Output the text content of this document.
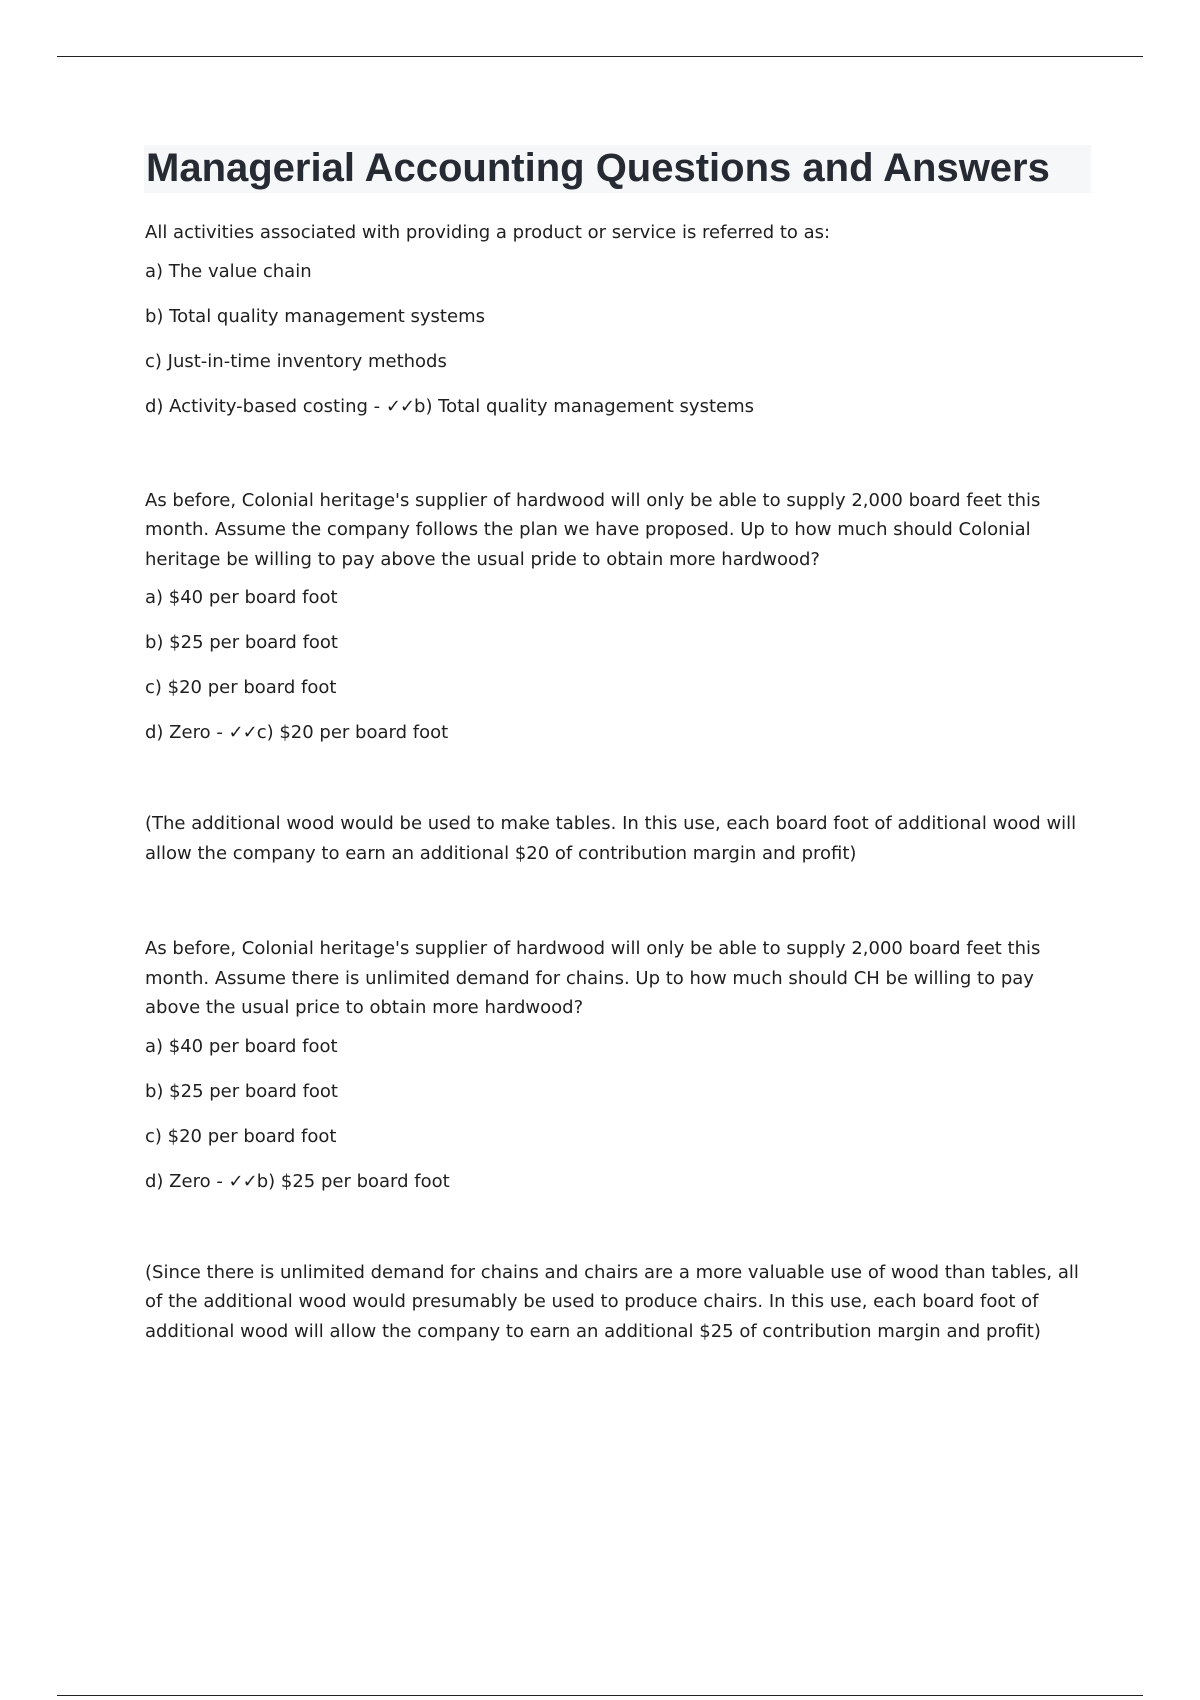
Managerial Accounting Questions and Answers

All activities associated with providing a product or service is referred to as:

a) The value chain

b) Total quality management systems

c) Just-in-time inventory methods

d) Activity-based costing - ✓✓b) Total quality management systems

As before, Colonial heritage's supplier of hardwood will only be able to supply 2,000 board feet this month. Assume the company follows the plan we have proposed. Up to how much should Colonial heritage be willing to pay above the usual pride to obtain more hardwood?

a) $40 per board foot

b) $25 per board foot

c) $20 per board foot

d) Zero - ✓✓c) $20 per board foot

(The additional wood would be used to make tables. In this use, each board foot of additional wood will allow the company to earn an additional $20 of contribution margin and profit)

As before, Colonial heritage's supplier of hardwood will only be able to supply 2,000 board feet this month. Assume there is unlimited demand for chains. Up to how much should CH be willing to pay above the usual price to obtain more hardwood?

a) $40 per board foot

b) $25 per board foot

c) $20 per board foot

d) Zero - ✓✓b) $25 per board foot

(Since there is unlimited demand for chains and chairs are a more valuable use of wood than tables, all of the additional wood would presumably be used to produce chairs. In this use, each board foot of additional wood will allow the company to earn an additional $25 of contribution margin and profit)
